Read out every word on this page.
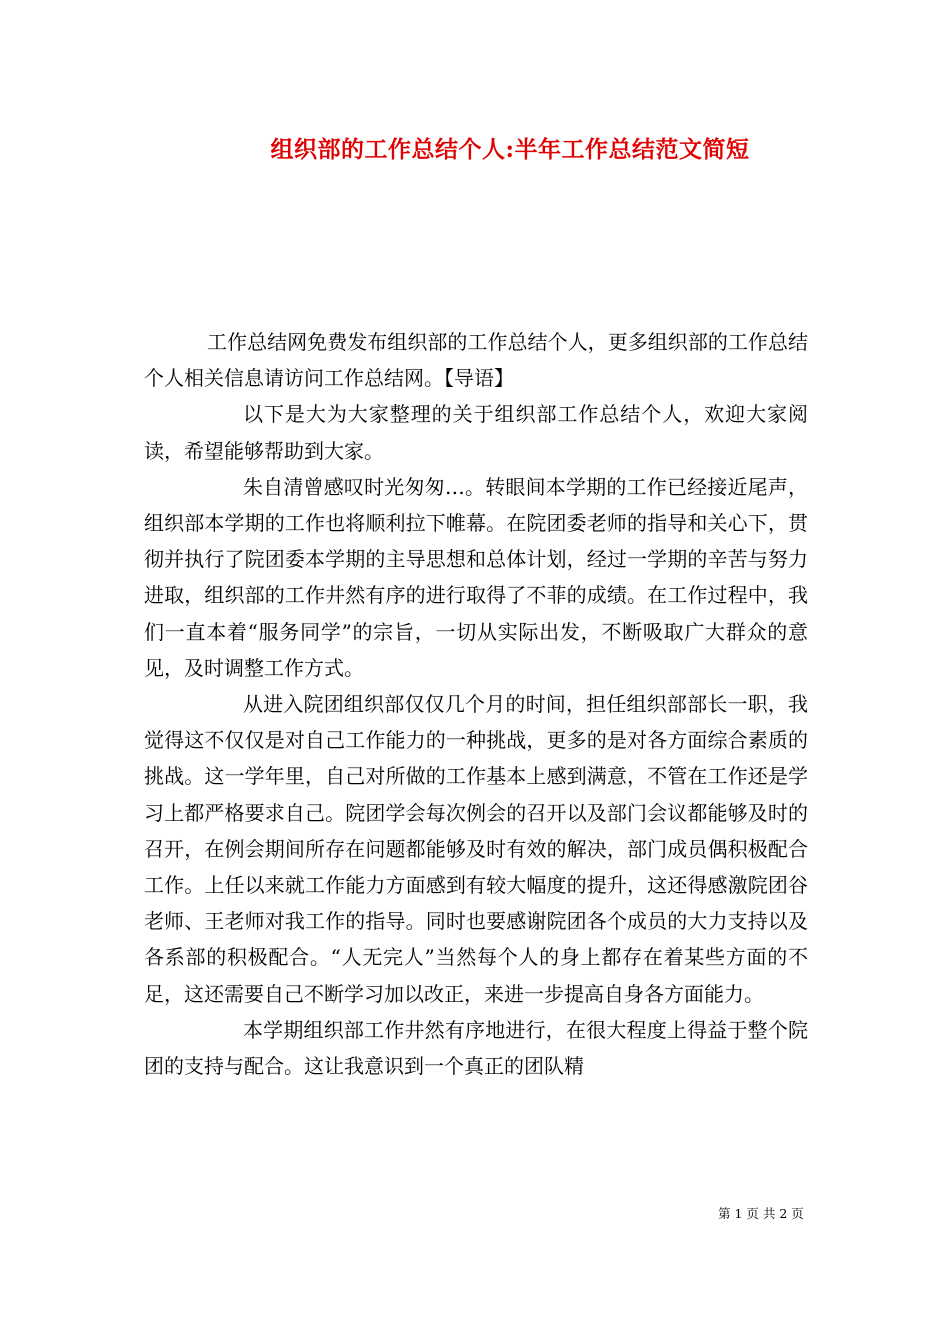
组织部的工作总结个人:半年工作总结范文简短

工作总结网免费发布组织部的工作总结个人，更多组织部的工作总结个人相关信息请访问工作总结网。【导语】

以下是大为大家整理的关于组织部工作总结个人，欢迎大家阅读，希望能够帮助到大家。

朱自清曾感叹时光匆匆…。转眼间本学期的工作已经接近尾声，组织部本学期的工作也将顺利拉下帷幕。在院团委老师的指导和关心下，贯彻并执行了院团委本学期的主导思想和总体计划，经过一学期的辛苦与努力进取，组织部的工作井然有序的进行取得了不菲的成绩。在工作过程中，我们一直本着“服务同学”的宗旨，一切从实际出发，不断吸取广大群众的意见，及时调整工作方式。

从进入院团组织部仅仅几个月的时间，担任组织部部长一职，我觉得这不仅仅是对自己工作能力的一种挑战，更多的是对各方面综合素质的挑战。这一学年里，自己对所做的工作基本上感到满意，不管在工作还是学习上都严格要求自己。院团学会每次例会的召开以及部门会议都能够及时的召开，在例会期间所存在问题都能够及时有效的解决，部门成员偶积极配合工作。上任以来就工作能力方面感到有较大幅度的提升，这还得感激院团谷老师、王老师对我工作的指导。同时也要感谢院团各个成员的大力支持以及各系部的积极配合。“人无完人”当然每个人的身上都存在着某些方面的不足，这还需要自己不断学习加以改正，来进一步提高自身各方面能力。

本学期组织部工作井然有序地进行，在很大程度上得益于整个院团的支持与配合。这让我意识到一个真正的团队精

第 1 页 共 2 页
